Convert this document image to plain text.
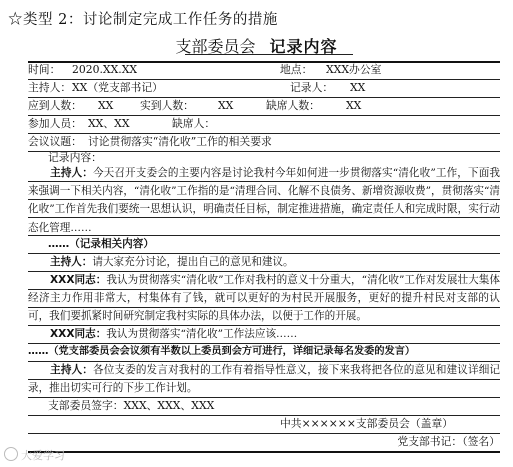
☆类型 2：讨论制定完成工作任务的措施
支部委员会 记录内容
时间： 2020.XX.XX	地点： XXX办公室
主持人： XX（党支部书记）	记录人： XX
应到人数： XX 实到人数： XX	缺席人数： XX
参加人员： XX、XX	缺席人：
会议议题： 讨论贯彻落实“清化收”工作的相关要求
记录内容：
主持人：今天召开支委会的主要内容是讨论我村今年如何进一步贯彻落实“清化收”工作，下面我来强调一下相关内容，“清化收”工作指的是“清理合同、化解不良债务、新增资源收费”，贯彻落实“清化收”工作首先我们要统一思想认识，明确责任目标，制定推进措施，确定责任人和完成时限，实行动态化管理……
……（记录相关内容）
主持人：请大家充分讨论，提出自己的意见和建议。
XXX同志：我认为贯彻落实“清化收”工作对我村的意义十分重大，“清化收”工作对发展壮大集体经济主力作用非常大，村集体有了钱，就可以更好的为村民开展服务，更好的提升村民对支部的认可，我们要抓紧时间研究制定我村实际的具体办法，以便于工作的开展。
XXX同志：我认为贯彻落实“清化收”工作法应该……
……（党支部委员会会议须有半数以上委员到会方可进行，详细记录每名发委的发言）
主持人：各位支委的发言对我村的工作有着指导性意义，接下来我将把各位的意见和建议详细记录，推出切实可行的下步工作计划。
支部委员签字：XXX、XXX、XXX
中共××××××支部委员会（盖章）
党支部书记：（签名）
大爱学习
